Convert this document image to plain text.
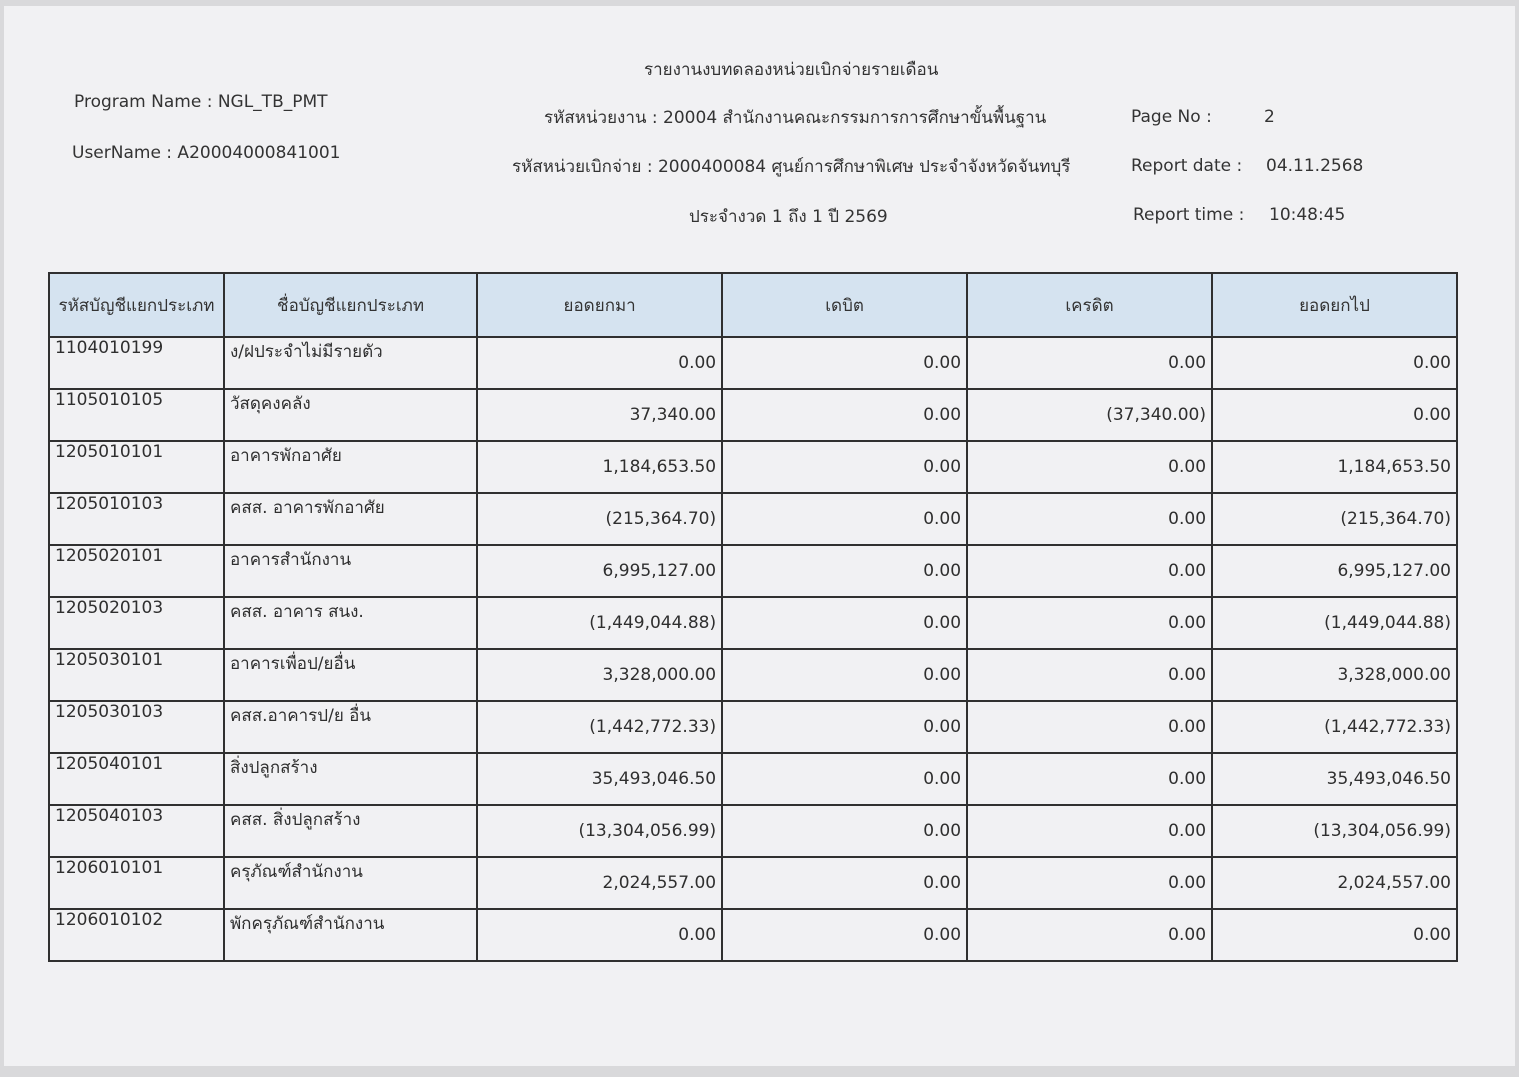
รายงานงบทดลองหน่วยเบิกจ่ายรายเดือน
Program Name : NGL_TB_PMT
UserName : A20004000841001
รหัสหน่วยงาน : 20004 สำนักงานคณะกรรมการการศึกษาขั้นพื้นฐาน
รหัสหน่วยเบิกจ่าย : 2000400084 ศูนย์การศึกษาพิเศษ ประจำจังหวัดจันทบุรี
ประจำงวด 1 ถึง 1 ปี 2569
Page No :	2
Report date : 04.11.2568
Report time : 10:48:45
รหัสบัญชีแยกประเภท	ชื่อบัญชีแยกประเภท	ยอดยกมา	เดบิต	เครดิต	ยอดยกไป
1104010199	ง/ฝประจำไม่มีรายตัว	0.00	0.00	0.00	0.00
1105010105	วัสดุคงคลัง	37,340.00	0.00	(37,340.00)	0.00
1205010101	อาคารพักอาศัย	1,184,653.50	0.00	0.00	1,184,653.50
1205010103	คสส. อาคารพักอาศัย	(215,364.70)	0.00	0.00	(215,364.70)
1205020101	อาคารสำนักงาน	6,995,127.00	0.00	0.00	6,995,127.00
1205020103	คสส. อาคาร สนง.	(1,449,044.88)	0.00	0.00	(1,449,044.88)
1205030101	อาคารเพื่อป/ยอื่น	3,328,000.00	0.00	0.00	3,328,000.00
1205030103	คสส.อาคารป/ย อื่น	(1,442,772.33)	0.00	0.00	(1,442,772.33)
1205040101	สิ่งปลูกสร้าง	35,493,046.50	0.00	0.00	35,493,046.50
1205040103	คสส. สิ่งปลูกสร้าง	(13,304,056.99)	0.00	0.00	(13,304,056.99)
1206010101	ครุภัณฑ์สำนักงาน	2,024,557.00	0.00	0.00	2,024,557.00
1206010102	พักครุภัณฑ์สำนักงาน	0.00	0.00	0.00	0.00
